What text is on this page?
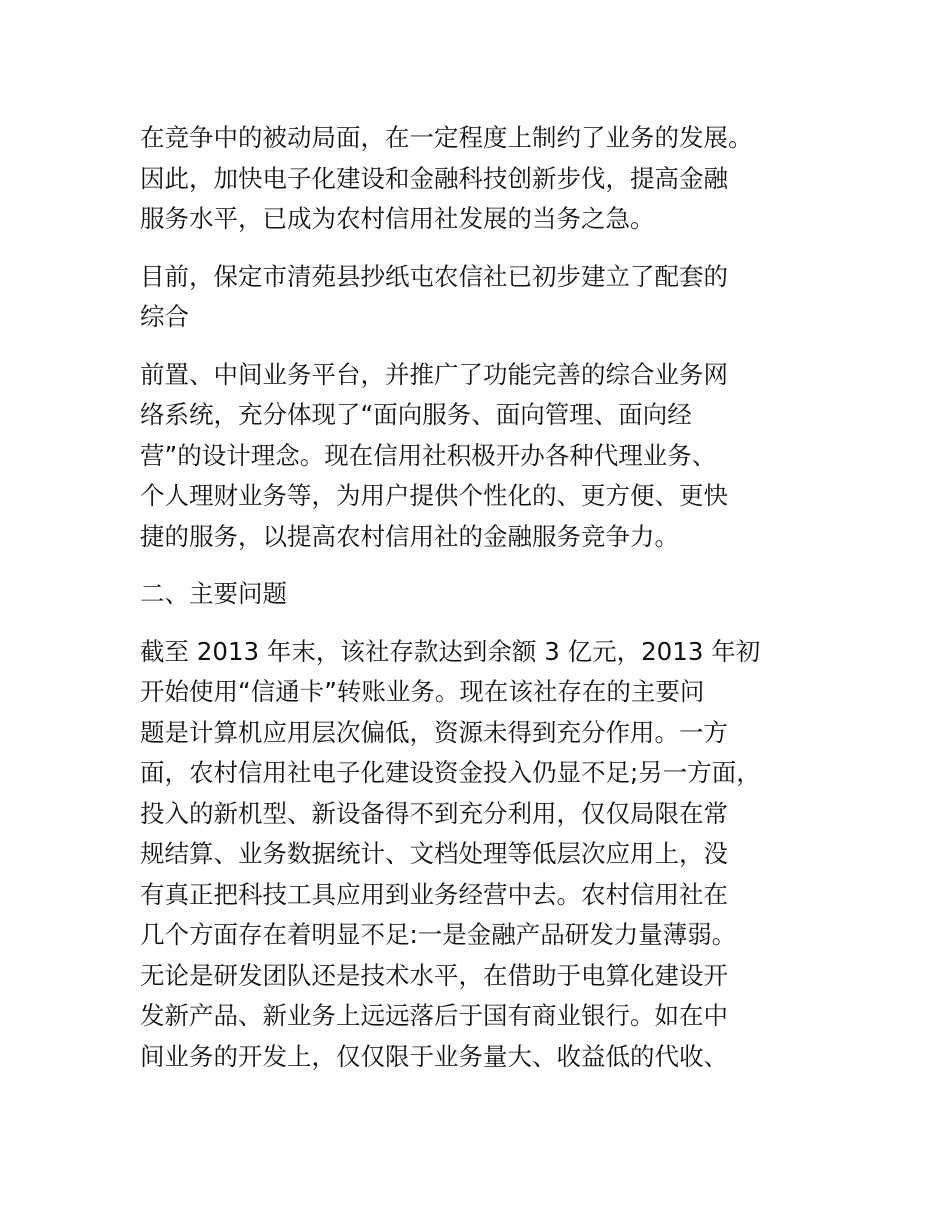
在竞争中的被动局面，在一定程度上制约了业务的发展。
因此，加快电子化建设和金融科技创新步伐，提高金融
服务水平，已成为农村信用社发展的当务之急。

目前，保定市清苑县抄纸屯农信社已初步建立了配套的
综合

前置、中间业务平台，并推广了功能完善的综合业务网
络系统，充分体现了“面向服务、面向管理、面向经
营”的设计理念。现在信用社积极开办各种代理业务、
个人理财业务等，为用户提供个性化的、更方便、更快
捷的服务，以提高农村信用社的金融服务竞争力。

二、主要问题

截至 2013 年末，该社存款达到余额 3 亿元，2013 年初
开始使用“信通卡”转账业务。现在该社存在的主要问
题是计算机应用层次偏低，资源未得到充分作用。一方
面，农村信用社电子化建设资金投入仍显不足;另一方面，
投入的新机型、新设备得不到充分利用，仅仅局限在常
规结算、业务数据统计、文档处理等低层次应用上，没
有真正把科技工具应用到业务经营中去。农村信用社在
几个方面存在着明显不足:一是金融产品研发力量薄弱。
无论是研发团队还是技术水平，在借助于电算化建设开
发新产品、新业务上远远落后于国有商业银行。如在中
间业务的开发上，仅仅限于业务量大、收益低的代收、
